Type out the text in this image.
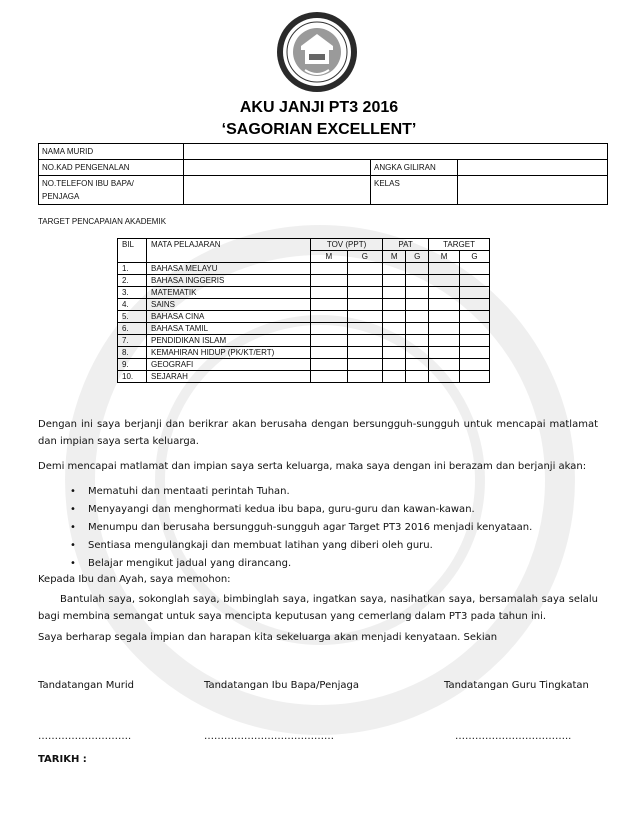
AKU JANJI PT3 2016
‘SAGORIAN EXCELLENT’
NAMA MURID			
NO.KAD PENGENALAN		ANGKA GILIRAN	
NO.TELEFON IBU BAPA/
PENJAGA		KELAS	
TARGET PENCAPAIAN AKADEMIK
BIL	MATA PELAJARAN	TOV (PPT)		PAT		TARGET	
		M	G	M	G	M	G
1.	BAHASA MELAYU						
2.	BAHASA INGGERIS						
3.	MATEMATIK						
4.	SAINS						
5.	BAHASA CINA						
6.	BAHASA TAMIL						
7.	PENDIDIKAN ISLAM						
8.	KEMAHIRAN HIDUP (PK/KT/ERT)						
9.	GEOGRAFI						
10.	SEJARAH						
Dengan ini saya berjanji dan berikrar akan berusaha dengan bersungguh-sungguh untuk mencapai matlamat dan impian saya serta keluarga.
Demi mencapai matlamat dan impian saya serta keluarga, maka saya dengan ini berazam dan berjanji akan:
• Mematuhi dan mentaati perintah Tuhan.
• Menyayangi dan menghormati kedua ibu bapa, guru-guru dan kawan-kawan.
• Menumpu dan berusaha bersungguh-sungguh agar Target PT3 2016 menjadi kenyataan.
• Sentiasa mengulangkaji dan membuat latihan yang diberi oleh guru.
• Belajar mengikut jadual yang dirancang.
Kepada Ibu dan Ayah, saya memohon:
Bantulah saya, sokonglah saya, bimbinglah saya, ingatkan saya, nasihatkan saya, bersamalah saya selalu bagi membina semangat untuk saya mencipta keputusan yang cemerlang dalam PT3 pada tahun ini.
Saya berharap segala impian dan harapan kita sekeluarga akan menjadi kenyataan. Sekian
Tandatangan Murid	Tandatangan Ibu Bapa/Penjaga	Tandatangan Guru Tingkatan
……………………….	…………………………………	……………………………..
TARIKH :
